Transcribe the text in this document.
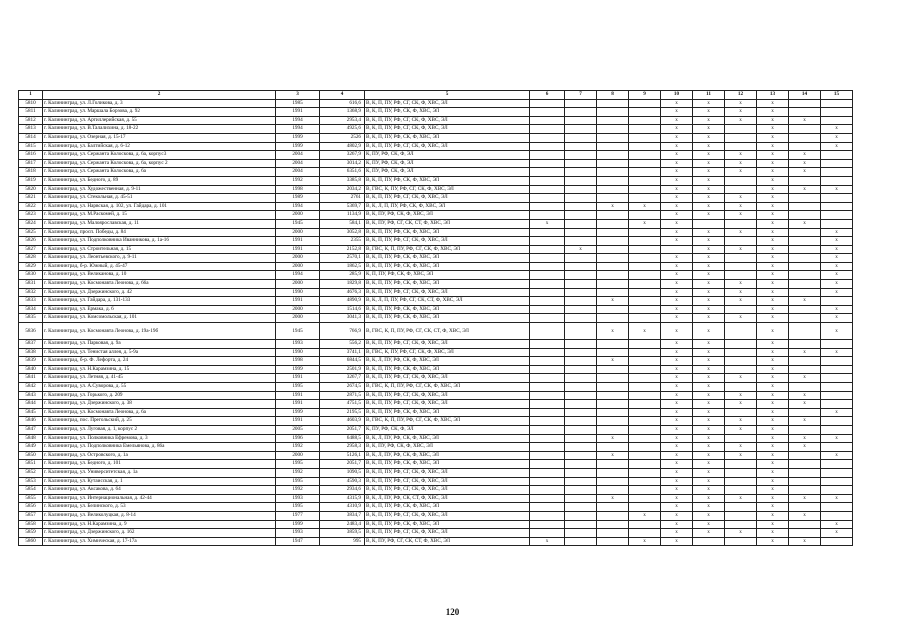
1	2	3	4	5	6	7	8	9	10	11	12	13	14	15
5810	г. Калининград, ул. Л.Голикова, д. 3	1985	616,6	В, К, П, ПУ, РФ, СГ, СК, Ф, ХВС, ЭЛ					x	x	x	x		
5811	г. Калининград, ул. Маршала Борзова, д. 92	1991	1368,9	В, К, П, ПУ, РФ, СК, Ф, ХВС, ЭЛ					x	x	x	x		
5812	г. Калининград, ул. Артиллерийская, д. 55	1994	2953,4	В, К, П, ПУ, РФ, СГ, СК, Ф, ХВС, ЭЛ					x	x	x	x	x	
5813	г. Калининград, ул. В.Талалихина, д. 18-22	1994	4925,6	В, К, П, ПУ, РФ, СГ, СК, Ф, ХВС, ЭЛ					x	x		x		x
5814	г. Калининград, ул. Озерная, д. 15-17	1999	2526	В, К, П, ПУ, РФ, СК, Ф, ХВС, ЭЛ					x	x		x		x
5815	г. Калининград, ул. Балтийская, д. 6-12	1999	4802,9	В, К, П, ПУ, РФ, СГ, СК, Ф, ХВС, ЭЛ					x	x		x		x
5816	г. Калининград, ул. Сержанта Колоскова, д. 6а, корпус3	2004	3267,9	К, ПУ, РФ, СК, Ф, ЭЛ					x	x	x	x	x	
5817	г. Калининград, ул. Сержанта Колоскова, д. 6а, корпус 2	2004	3014,2	К, ПУ, РФ, СК, Ф, ЭЛ					x	x	x	x	x	
5818	г. Калининград, ул. Сержанта Колоскова, д. 6а	2004	6351,6	К, ПУ, РФ, СК, Ф, ЭЛ					x	x	x	x	x	
5819	г. Калининград, ул. Бедного, д. 89	1992	3385,8	В, К, П, ПУ, РФ, СК, Ф, ХВС, ЭЛ					x	x		x		
5820	г. Калининград, ул. Художественная, д. 9-11	1998	2034,2	В, ГВС, К, ПУ, РФ, СГ, СК, Ф, ХВС, ЭЛ					x	x		x	x	x
5821	г. Калининград, ул. Стекольная, д. 45-51	1989	2761	В, К, П, ПУ, РФ, СГ, СК, Ф, ХВС, ЭЛ					x	x	x	x		
5822	г. Калининград, ул. Нарвская, д. 102, ул. Гайдара, д. 101	1994	5369,7	В, К, Л, П, ПУ, РФ, СК, Ф, ХВС, ЭЛ			x	x	x	x	x	x		
5823	г. Калининград, ул. М.Раскомей, д. 15	2000	1134,9	В, К, ПУ, РФ, СК, Ф, ХВС, ЭЛ					x	x	x	x		
5824	г. Калининград, ул. Малоярославская, д. 11	1945	584,1	В, К, ПУ, РФ, СГ, СК, СТ, Ф, ХВС, ЭЛ	x			x	x			x	x	
5825	г. Калининград, просп. Победы, д. 84	2000	3052,8	В, К, П, ПУ, РФ, СК, Ф, ХВС, ЭЛ					x	x	x	x		x
5826	г. Калининград, ул. Подполковника Иванникова, д. 1а-16	1991	2355	В, К, П, ПУ, РФ, СГ, СК, Ф, ХВС, ЭЛ					x	x		x		x
5827	г. Калининград, ул. Строительная, д. 15	1991	2152,8	В, ГВС, К, П, ПУ, РФ, СГ, СК, Ф, ХВС, ЭЛ		x				x	x	x		x
5828	г. Калининград, ул. Леонтьевского, д. 9-11	2000	2570,1	В, К, П, ПУ, РФ, СК, Ф, ХВС, ЭЛ					x	x		x		x
5829	г. Калининград, б-р. Южный, д. 45-47	2000	1862,5	В, К, П, ПУ, РФ, СК, Ф, ХВС, ЭЛ					x	x		x		x
5830	г. Калининград, ул. Великанова, д. 10	1994	285,9	К, П, ПУ, РФ, СК, Ф, ХВС, ЭЛ					x	x		x		x
5831	г. Калининград, ул. Космонавта Леонова, д. 66а	2000	1829,8	В, К, П, ПУ, РФ, СК, Ф, ХВС, ЭЛ					x	x	x	x		x
5832	г. Калининград, ул. Дзержинского, д. 42	1990	4676,3	В, К, П, ПУ, РФ, СГ, СК, Ф, ХВС, ЭЛ					x	x	x	x		x
5833	г. Калининград, ул. Гайдара, д. 131-133	1991	4890,9	В, К, Л, П, ПУ, РФ, СГ, СК, СТ, Ф, ХВС, ЭЛ			x		x	x	x	x	x	
5834	г. Калининград, ул. Ермака, д. 6	2000	1514,6	В, К, П, ПУ, РФ, СК, Ф, ХВС, ЭЛ					x	x		x		x
5835	г. Калининград, ул. Комсомольская, д. 101	2000	3041,3	В, К, П, ПУ, РФ, СК, Ф, ХВС, ЭЛ					x	x	x	x		x
5836	г. Калининград, ул. Космонавта Леонова, д. 19а-19б	1945	766,9	В, ГВС, К, П, ПУ, РФ, СГ, СК, СТ, Ф, ХВС, ЭЛ			x	x	x	x		x		x
5837	г. Калининград, ул. Парковая, д. 9а	1993	556,2	В, К, П, ПУ, РФ, СГ, СК, Ф, ХВС, ЭЛ					x	x		x		
5838	г. Калининград, ул. Тенистая аллея, д. 5-9а	1990	3741,1	В, ГВС, К, ПУ, РФ, СГ, СК, Ф, ХВС, ЭЛ					x	x		x	x	x
5839	г. Калининград, б-р. Ф. Лефорта, д. 24	1998	6844,5	В, К, Л, ПУ, РФ, СК, Ф, ХВС, ЭЛ			x		x	x		x		
5840	г. Калининград, ул. Н.Карамзина, д. 15	1999	2501,9	В, К, П, ПУ, РФ, СК, Ф, ХВС, ЭЛ					x	x		x		
5841	г. Калининград, ул. Летняя, д. 41-45	1991	3267,7	В, К, П, ПУ, РФ, СГ, СК, Ф, ХВС, ЭЛ					x	x	x	x	x	
5842	г. Калининград, ул. А.Суворова, д. 55	1995	2674,5	В, ГВС, К, П, ПУ, РФ, СГ, СК, Ф, ХВС, ЭЛ					x	x		x		
5843	г. Калининград, ул. Горького, д. 209	1991	2871,5	В, К, П, ПУ, РФ, СГ, СК, Ф, ХВС, ЭЛ					x	x	x	x	x	
5844	г. Калининград, ул. Дзержинского, д. 38	1991	4751,5	В, К, П, ПУ, РФ, СГ, СК, Ф, ХВС, ЭЛ					x	x	x	x	x	
5845	г. Калининград, ул. Космонавта Леонова, д. 6а	1999	2195,5	В, К, П, ПУ, РФ, СК, Ф, ХВС, ЭЛ					x	x		x		x
5846	г. Калининград, пос. Прегольский, д. 25	1991	4603,9	В, ГВС, К, П, ПУ, РФ, СГ, СК, Ф, ХВС, ЭЛ					x	x	x	x	x	
5847	г. Калининград, ул. Луговая, д. 1, корпус 2	2005	2051,7	К, ПУ, РФ, СК, Ф, ЭЛ					x	x	x	x		
5848	г. Калининград, ул. Полковника Ефремова, д. 3	1996	6488,5	В, К, Л, ПУ, РФ, СК, Ф, ХВС, ЭЛ			x		x	x		x	x	x
5849	г. Калининград, ул. Подполковника Емельянова, д. 86а	1992	2958,3	В, К, ПУ, РФ, СК, Ф, ХВС, ЭЛ					x	x	x	x	x	
5850	г. Калининград, ул. Островского, д. 1а	2000	5126,1	В, К, Л, ПУ, РФ, СК, Ф, ХВС, ЭЛ			x		x	x	x	x		x
5851	г. Калининград, ул. Бедного, д. 101	1995	2051,7	В, К, П, ПУ, РФ, СК, Ф, ХВС, ЭЛ					x	x		x		
5852	г. Калининград, ул. Университетская, д. 1а	1992	1090,5	В, К, П, ПУ, РФ, СГ, СК, Ф, ХВС, ЭЛ					x	x		x		
5853	г. Калининград, ул. Кутаисская, д. 1	1995	4590,3	В, К, П, ПУ, РФ, СГ, СК, Ф, ХВС, ЭЛ					x	x		x		
5854	г. Калининград, ул. Аксакова, д. 64	1992	2934,6	В, К, П, ПУ, РФ, СГ, СК, Ф, ХВС, ЭЛ					x	x		x		
5855	г. Калининград, ул. Интернациональная, д. 42-44	1993	4315,9	В, К, Л, ПУ, РФ, СК, СТ, Ф, ХВС, ЭЛ			x		x	x	x	x	x	x
5856	г. Калининград, ул. Белинского, д. 53	1995	4310,9	В, К, П, ПУ, РФ, СК, Ф, ХВС, ЭЛ					x	x		x		
5857	г. Калининград, ул. Великолуцкая, д. 8-14	1977	3834,7	В, К, П, ПУ, РФ, СГ, СК, Ф, ХВС, ЭЛ				x	x	x		x	x	
5858	г. Калининград, ул. Н.Карамзина, д. 9	1999	2483,4	В, К, П, ПУ, РФ, СК, Ф, ХВС, ЭЛ					x	x		x		x
5859	г. Калининград, ул. Дзержинского, д. 162	1993	3859,5	В, К, П, ПУ, РФ, СГ, СК, Ф, ХВС, ЭЛ					x	x	x	x		x
5860	г. Калининград, ул. Химическая, д. 17-17а	1947	995	В, К, ПУ, РФ, СГ, СК, СТ, Ф, ХВС, ЭЛ	x			x	x			x	x	
120
